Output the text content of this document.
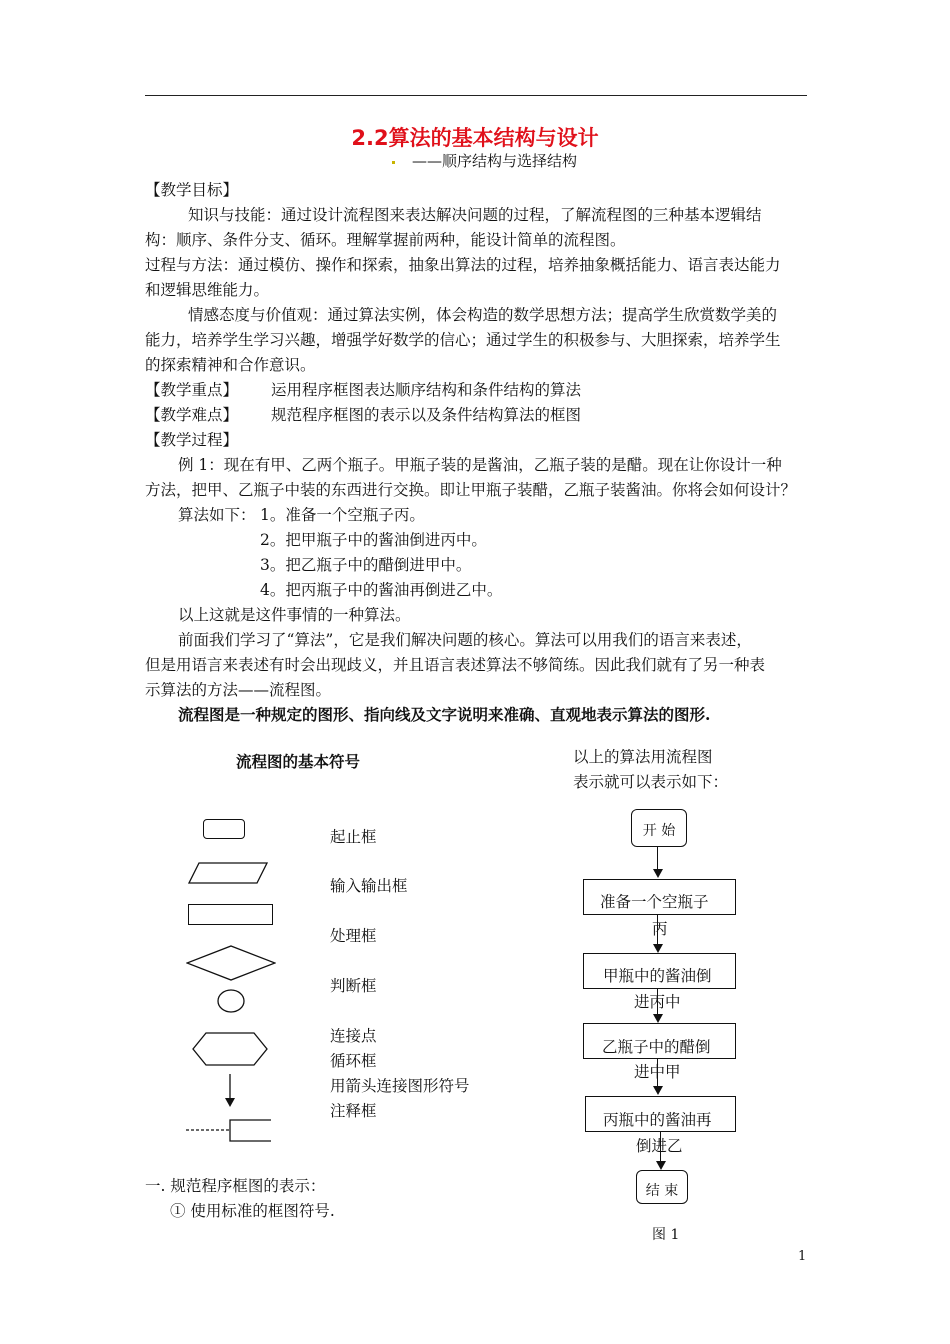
2.2算法的基本结构与设计
——顺序结构与选择结构
【教学目标】
知识与技能：通过设计流程图来表达解决问题的过程，了解流程图的三种基本逻辑结
构：顺序、条件分支、循环。理解掌握前两种，能设计简单的流程图。
过程与方法：通过模仿、操作和探索，抽象出算法的过程，培养抽象概括能力、语言表达能力
和逻辑思维能力。
情感态度与价值观：通过算法实例，体会构造的数学思想方法；提高学生欣赏数学美的
能力，培养学生学习兴趣，增强学好数学的信心；通过学生的积极参与、大胆探索，培养学生
的探索精神和合作意识。
【教学重点】 运用程序框图表达顺序结构和条件结构的算法
【教学难点】 规范程序框图的表示以及条件结构算法的框图
【教学过程】
例 1：现在有甲、乙两个瓶子。甲瓶子装的是酱油，乙瓶子装的是醋。现在让你设计一种
方法，把甲、乙瓶子中装的东西进行交换。即让甲瓶子装醋，乙瓶子装酱油。你将会如何设计？
算法如下： 1。准备一个空瓶子丙。
2。把甲瓶子中的酱油倒进丙中。
3。把乙瓶子中的醋倒进甲中。
4。把丙瓶子中的酱油再倒进乙中。
以上这就是这件事情的一种算法。
前面我们学习了“算法”，它是我们解决问题的核心。算法可以用我们的语言来表述，
但是用语言来表述有时会出现歧义，并且语言表述算法不够简练。因此我们就有了另一种表
示算法的方法——流程图。
流程图是一种规定的图形、指向线及文字说明来准确、直观地表示算法的图形.
流程图的基本符号
起止框
输入输出框
处理框
判断框
连接点
循环框
用箭头连接图形符号
注释框
以上的算法用流程图
表示就可以表示如下：
开 始
准备一个空瓶子
丙
甲瓶中的酱油倒
进丙中
乙瓶子中的醋倒
进中甲
丙瓶中的酱油再
倒进乙
结 束
图 1
一. 规范程序框图的表示：
① 使用标准的框图符号.
1
